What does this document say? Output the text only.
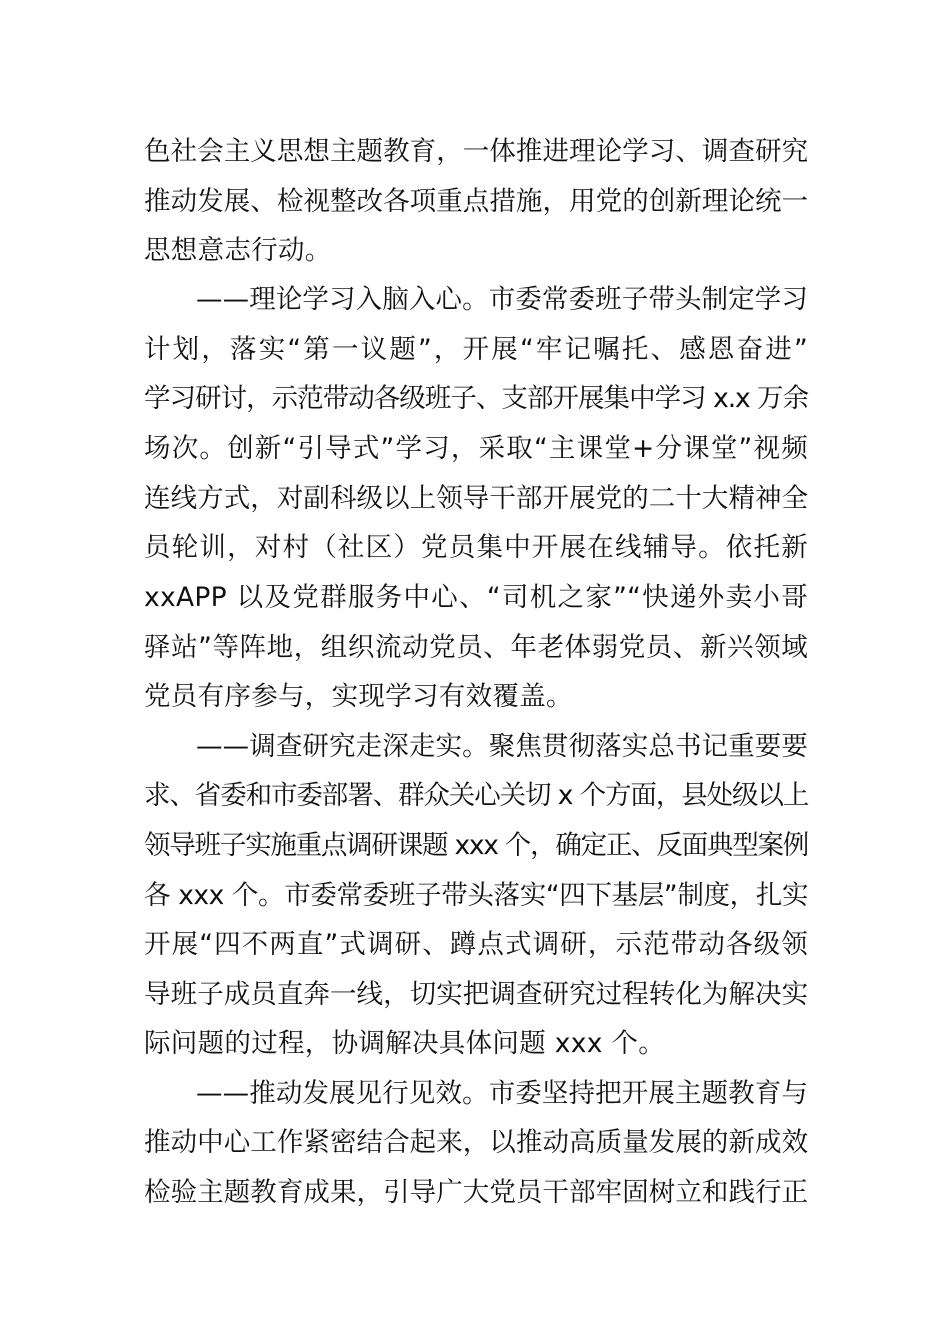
色社会主义思想主题教育，一体推进理论学习、调查研究
推动发展、检视整改各项重点措施，用党的创新理论统一
思想意志行动。
——理论学习入脑入心。市委常委班子带头制定学习
计划，落实“第一议题”，开展“牢记嘱托、感恩奋进”
学习研讨，示范带动各级班子、支部开展集中学习 x.x 万余
场次。创新“引导式”学习，采取“主课堂+分课堂”视频
连线方式，对副科级以上领导干部开展党的二十大精神全
员轮训，对村（社区）党员集中开展在线辅导。依托新
xxAPP 以及党群服务中心、“司机之家”“快递外卖小哥
驿站”等阵地，组织流动党员、年老体弱党员、新兴领域
党员有序参与，实现学习有效覆盖。
——调查研究走深走实。聚焦贯彻落实总书记重要要
求、省委和市委部署、群众关心关切 x 个方面，县处级以上
领导班子实施重点调研课题 xxx 个，确定正、反面典型案例
各 xxx 个。市委常委班子带头落实“四下基层”制度，扎实
开展“四不两直”式调研、蹲点式调研，示范带动各级领
导班子成员直奔一线，切实把调查研究过程转化为解决实
际问题的过程，协调解决具体问题 xxx 个。
——推动发展见行见效。市委坚持把开展主题教育与
推动中心工作紧密结合起来，以推动高质量发展的新成效
检验主题教育成果，引导广大党员干部牢固树立和践行正
